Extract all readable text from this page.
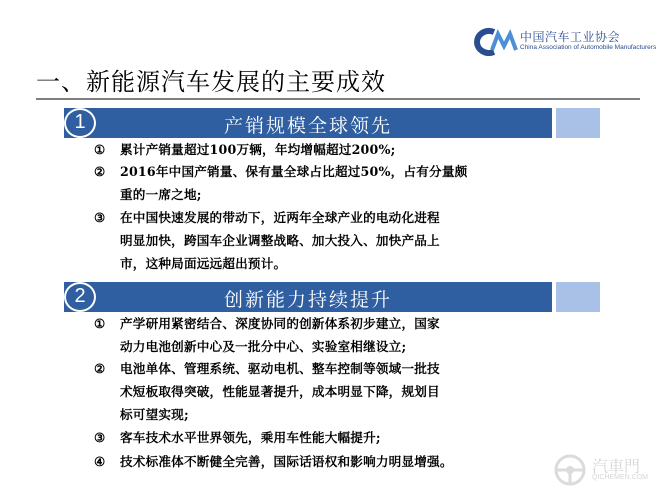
中国汽车工业协会
China Association of Automobile Manufacturers
一、新能源汽车发展的主要成效
产销规模全球领先
1
① 累计产销量超过100万辆，年均增幅超过200%;
② 2016年中国产销量、保有量全球占比超过50%，占有分量颇
重的一席之地;
③ 在中国快速发展的带动下，近两年全球产业的电动化进程
明显加快，跨国车企业调整战略、加大投入、加快产品上
市，这种局面远远超出预计。
创新能力持续提升
2
① 产学研用紧密结合、深度协同的创新体系初步建立，国家
动力电池创新中心及一批分中心、实验室相继设立;
② 电池单体、管理系统、驱动电机、整车控制等领域一批技
术短板取得突破，性能显著提升，成本明显下降，规划目
标可望实现;
③ 客车技术水平世界领先，乘用车性能大幅提升;
④ 技术标准体不断健全完善，国际话语权和影响力明显增强。	汽車門
QICHEMEN.COM
